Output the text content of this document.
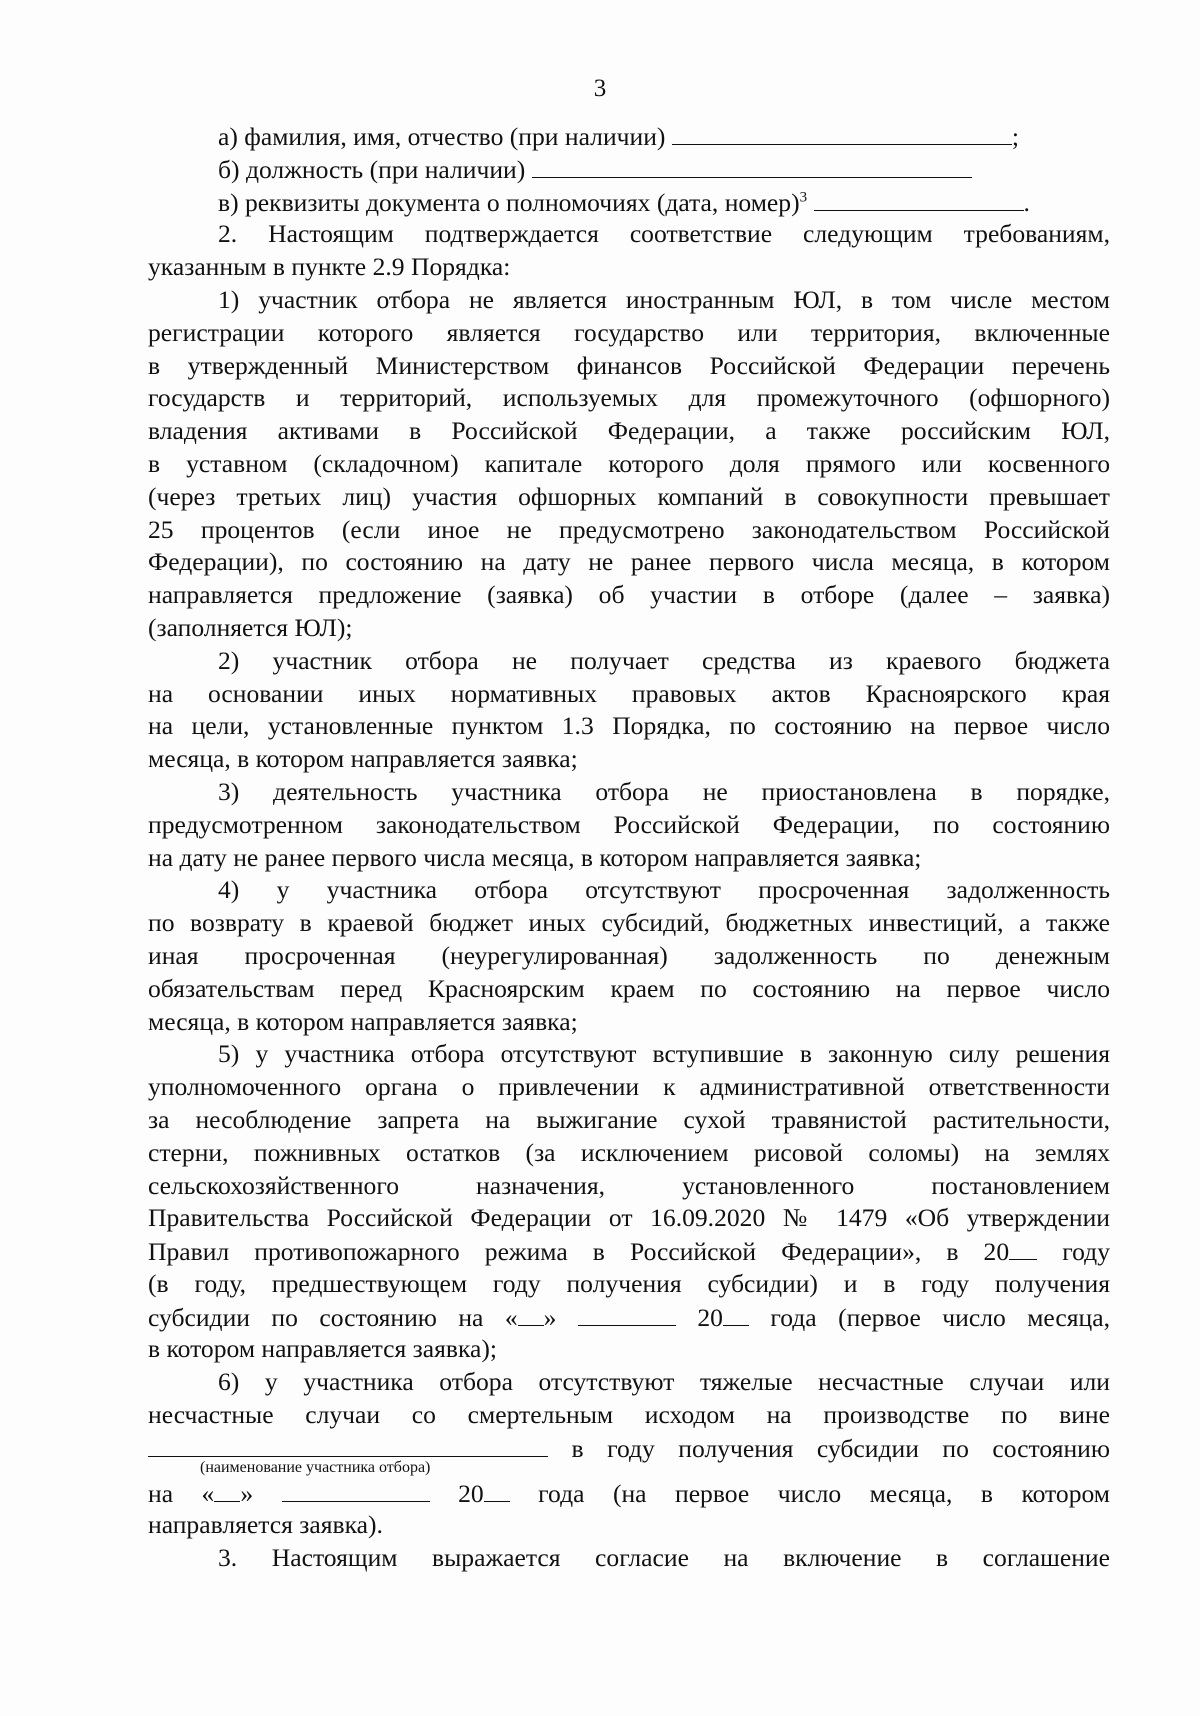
3
а) фамилия, имя, отчество (при наличии)	;
б) должность (при наличии)
в) реквизиты документа о полномочиях (дата, номер)$^3$	.
2. Настоящим подтверждается соответствие следующим требованиям,
указанным в пункте 2.9 Порядка:
1) участник отбора не является иностранным ЮЛ, в том числе местом
регистрации которого является государство или территория, включенные
в утвержденный Министерством финансов Российской Федерации перечень
государств и территорий, используемых для промежуточного (офшорного)
владения активами в Российской Федерации, а также российским ЮЛ,
в уставном (складочном) капитале которого доля прямого или косвенного
(через третьих лиц) участия офшорных компаний в совокупности превышает
25 процентов (если иное не предусмотрено законодательством Российской
Федерации), по состоянию на дату не ранее первого числа месяца, в котором
направляется предложение (заявка) об участии в отборе (далее – заявка)
(заполняется ЮЛ);
2) участник отбора не получает средства из краевого бюджета
на основании иных нормативных правовых актов Красноярского края
на цели, установленные пунктом 1.3 Порядка, по состоянию на первое число
месяца, в котором направляется заявка;
3) деятельность участника отбора не приостановлена в порядке,
предусмотренном законодательством Российской Федерации, по состоянию
на дату не ранее первого числа месяца, в котором направляется заявка;
4) у участника отбора отсутствуют просроченная задолженность
по возврату в краевой бюджет иных субсидий, бюджетных инвестиций, а также
иная просроченная (неурегулированная) задолженность по денежным
обязательствам перед Красноярским краем по состоянию на первое число
месяца, в котором направляется заявка;
5) у участника отбора отсутствуют вступившие в законную силу решения
уполномоченного органа о привлечении к административной ответственности
за несоблюдение запрета на выжигание сухой травянистой растительности,
стерни, пожнивных остатков (за исключением рисовой соломы) на землях
сельскохозяйственного назначения, установленного постановлением
Правительства Российской Федерации от 16.09.2020 № 1479 «Об утверждении
Правил противопожарного режима в Российской Федерации», в 20 году
(в году, предшествующем году получения субсидии) и в году получения
субсидии по состоянию на « »	20 года (первое число месяца,
в котором направляется заявка);
6) у участника отбора отсутствуют тяжелые несчастные случаи или
несчастные случаи со смертельным исходом на производстве по вине
в году получения субсидии по состоянию
(наименование участника отбора)
на « »	20 года (на первое число месяца, в котором
направляется заявка).
3. Настоящим выражается согласие на включение в соглашение
